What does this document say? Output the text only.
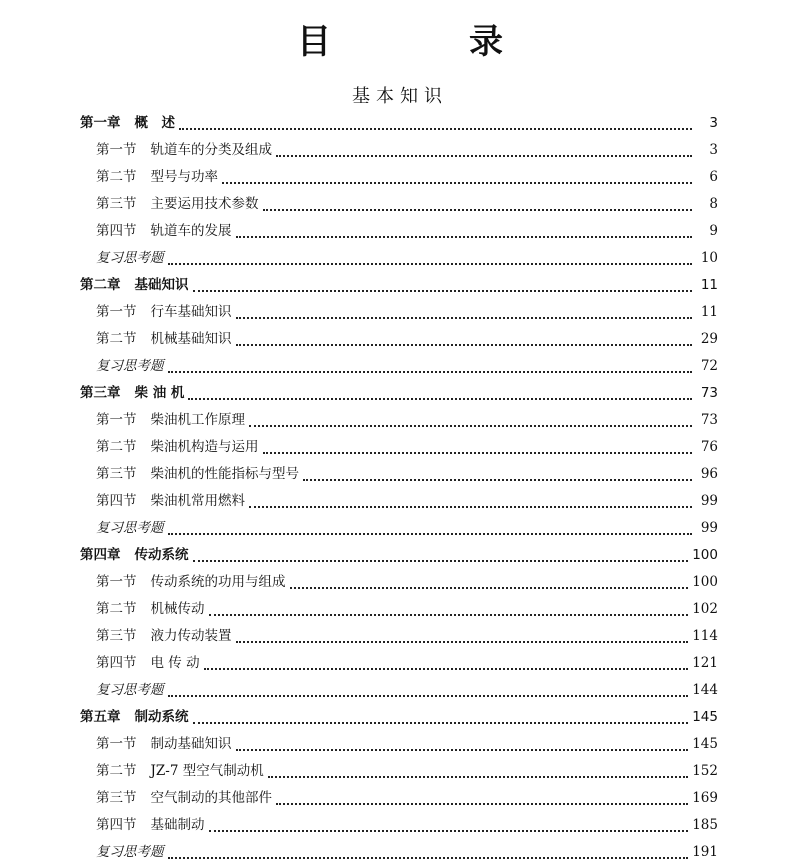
目　录
基本知识
第一章 概　述	3
第一节 轨道车的分类及组成	3
第二节 型号与功率	6
第三节 主要运用技术参数	8
第四节 轨道车的发展	9
复习思考题	10
第二章 基础知识	11
第一节 行车基础知识	11
第二节 机械基础知识	29
复习思考题	72
第三章 柴 油 机	73
第一节 柴油机工作原理	73
第二节 柴油机构造与运用	76
第三节 柴油机的性能指标与型号	96
第四节 柴油机常用燃料	99
复习思考题	99
第四章 传动系统	100
第一节 传动系统的功用与组成	100
第二节 机械传动	102
第三节 液力传动装置	114
第四节 电 传 动	121
复习思考题	144
第五章 制动系统	145
第一节 制动基础知识	145
第二节 JZ-7 型空气制动机	152
第三节 空气制动的其他部件	169
第四节 基础制动	185
复习思考题	191
